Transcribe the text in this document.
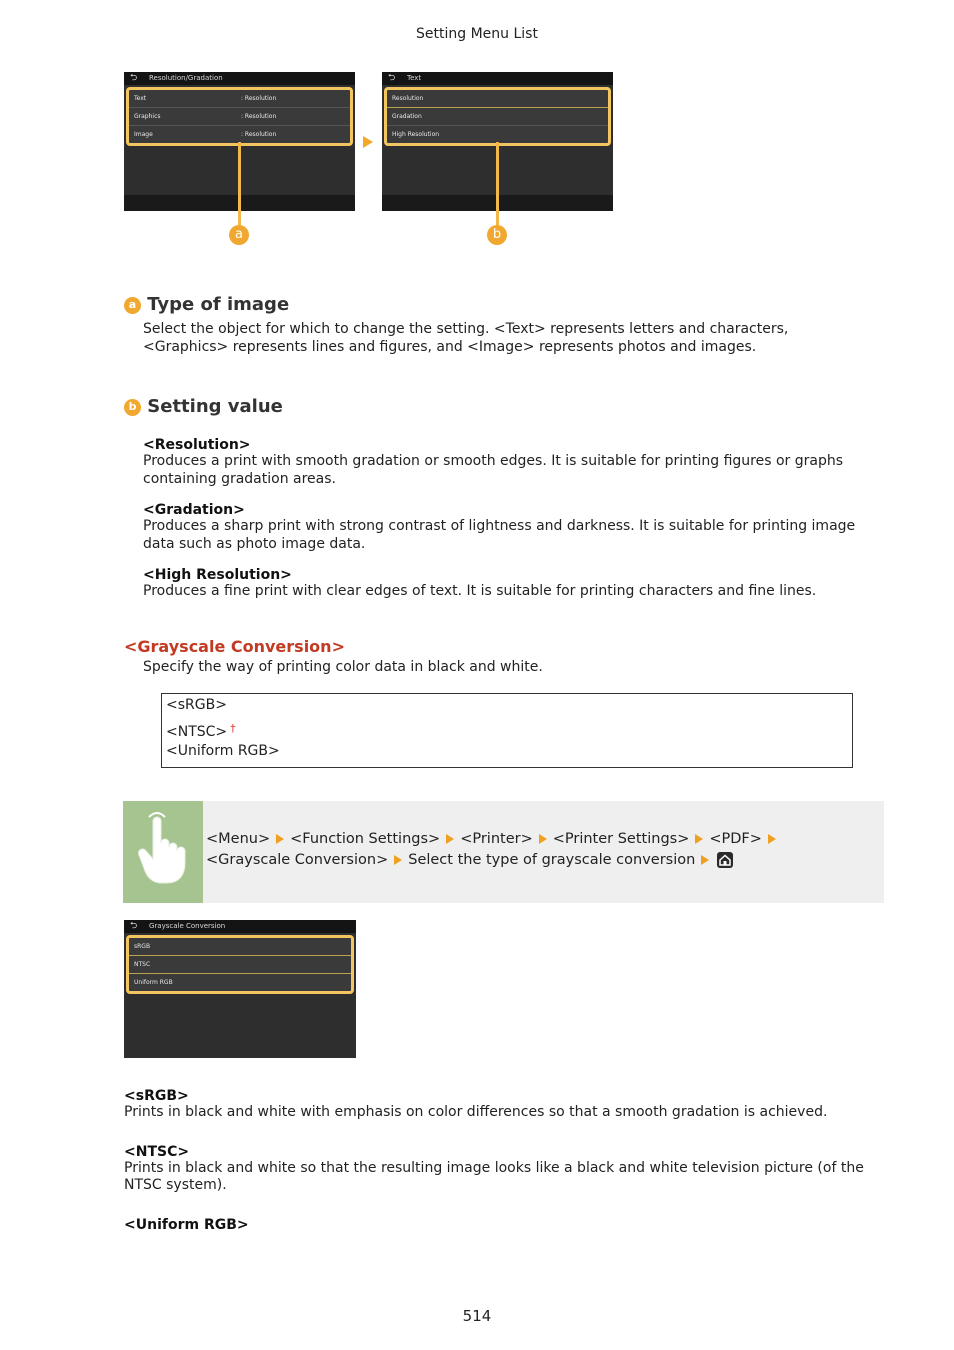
Setting Menu List
Resolution/Gradation
⮌
Text	: Resolution
Graphics	: Resolution
Image	: Resolution
Text
⮌
Resolution
Gradation
High Resolution
a	b
a Type of image
Select the object for which to change the setting. <Text> represents letters and characters, <Graphics> represents lines and figures, and <Image> represents photos and images.
b Setting value
<Resolution>
Produces a print with smooth gradation or smooth edges. It is suitable for printing figures or graphs containing gradation areas.
<Gradation>
Produces a sharp print with strong contrast of lightness and darkness. It is suitable for printing image data such as photo image data.
<High Resolution>
Produces a fine print with clear edges of text. It is suitable for printing characters and fine lines.
<Grayscale Conversion>
Specify the way of printing color data in black and white.
<sRGB>
<NTSC> †
<Uniform RGB>
<Menu> <Function Settings> <Printer> <Printer Settings> <PDF><Grayscale Conversion> Select the type of grayscale conversion
Grayscale Conversion
⮌
sRGB
NTSC
Uniform RGB
<sRGB>
Prints in black and white with emphasis on color differences so that a smooth gradation is achieved.
<NTSC>
Prints in black and white so that the resulting image looks like a black and white television picture (of the NTSC system).
<Uniform RGB>
514
